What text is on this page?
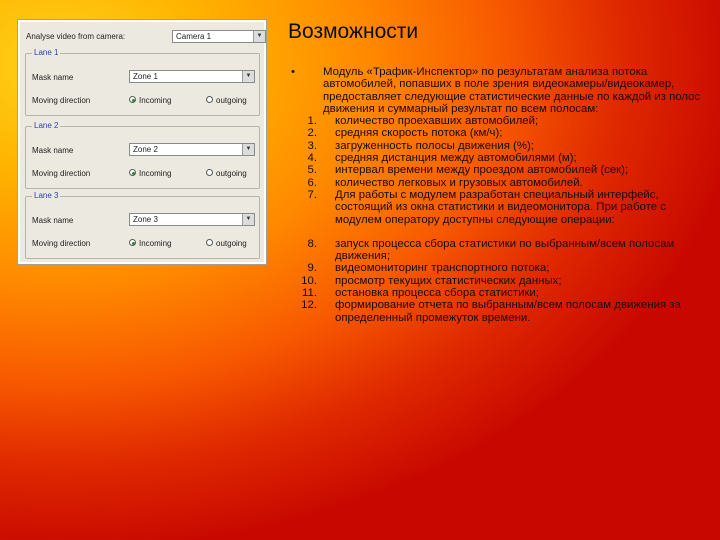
Analyse video from camera:	Camera 1	▼
Lane 1
Mask name	Zone 1	▼
Moving direction	Incoming	outgoing
Lane 2
Mask name	Zone 2	▼
Moving direction	Incoming	outgoing
Lane 3
Mask name	Zone 3	▼
Moving direction	Incoming	outgoing
Возможности
•	Модуль «Трафик-Инспектор» по результатам анализа потока автомобилей, попавших в поле зрения видеокамеры/видеокамер, предоставляет следующие статистические данные по каждой из полос движения и суммарный результат по всем полосам:
1. количество проехавших автомобилей;
2. средняя скорость потока (км/ч);
3. загруженность полосы движения (%);
4. средняя дистанция между автомобилями (м);
5. интервал времени между проездом автомобилей (сек);
6. количество легковых и грузовых автомобилей.
7. Для работы с модулем разработан специальный интерфейс, состоящий из окна статистики и видеомониторa. При работе с модулем оператору доступны следующие операции:
8. запуск процесса сбора статистики по выбранным/всем полосам движения;
9. видеомониторинг транспортного потока;
10. просмотр текущих статистических данных;
11. остановка процесса сбора статистики;
12. формирование отчета по выбранным/всем полосам движения за определенный промежуток времени.
